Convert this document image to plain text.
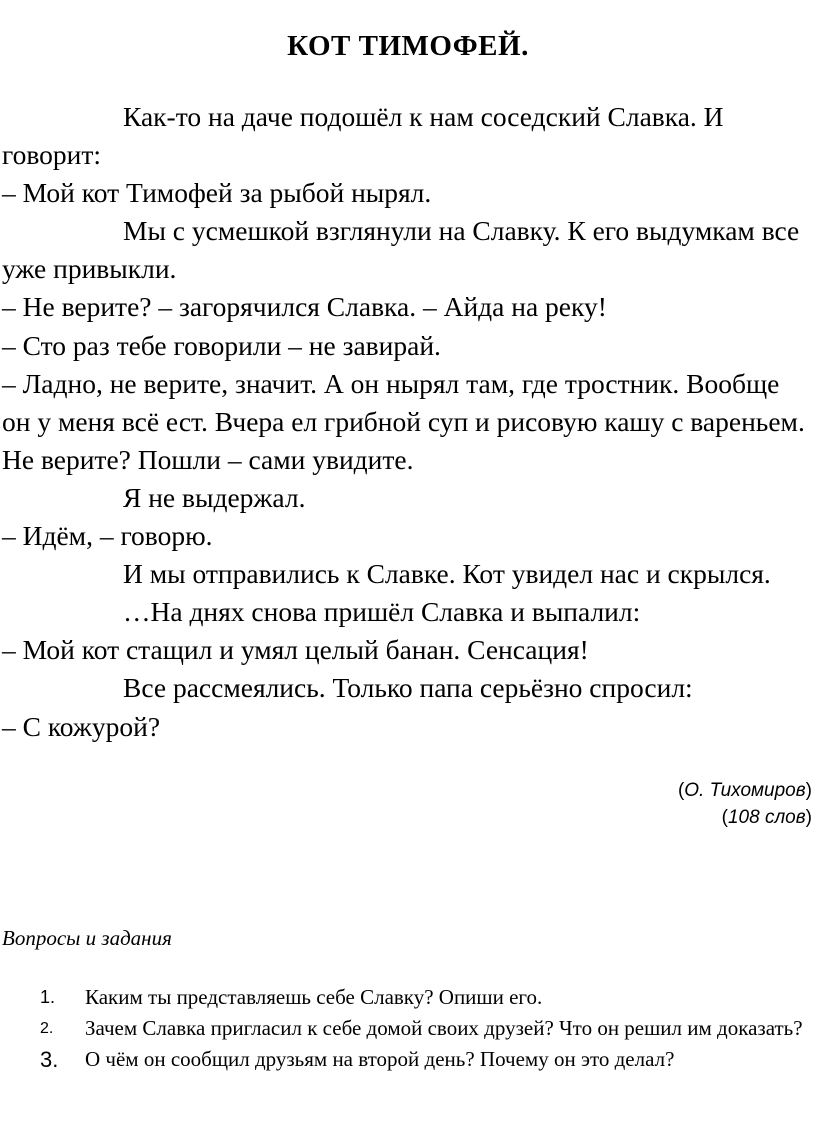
КОТ ТИМОФЕЙ.

Как-то на даче подошёл к нам соседский Славка. И говорит:

– Мой кот Тимофей за рыбой нырял.

Мы с усмешкой взглянули на Славку. К его выдумкам все уже привыкли.

– Не верите? – загорячился Славка. – Айда на реку!

– Сто раз тебе говорили – не завирай.

– Ладно, не верите, значит. А он нырял там, где тростник. Вообще он у меня всё ест. Вчера ел грибной суп и рисовую кашу с вареньем. Не верите? Пошли – сами увидите.

Я не выдержал.

– Идём, – говорю.

И мы отправились к Славке. Кот увидел нас и скрылся.

…На днях снова пришёл Славка и выпалил:

– Мой кот стащил и умял целый банан. Сенсация!

Все рассмеялись. Только папа серьёзно спросил:

– С кожурой?

(О. Тихомиров)
(108 слов)
Вопросы и задания
1. Каким ты представляешь себе Славку? Опиши его.
2. Зачем Славка пригласил к себе домой своих друзей? Что он решил им доказать?
3. О чём он сообщил друзьям на второй день? Почему он это делал?
